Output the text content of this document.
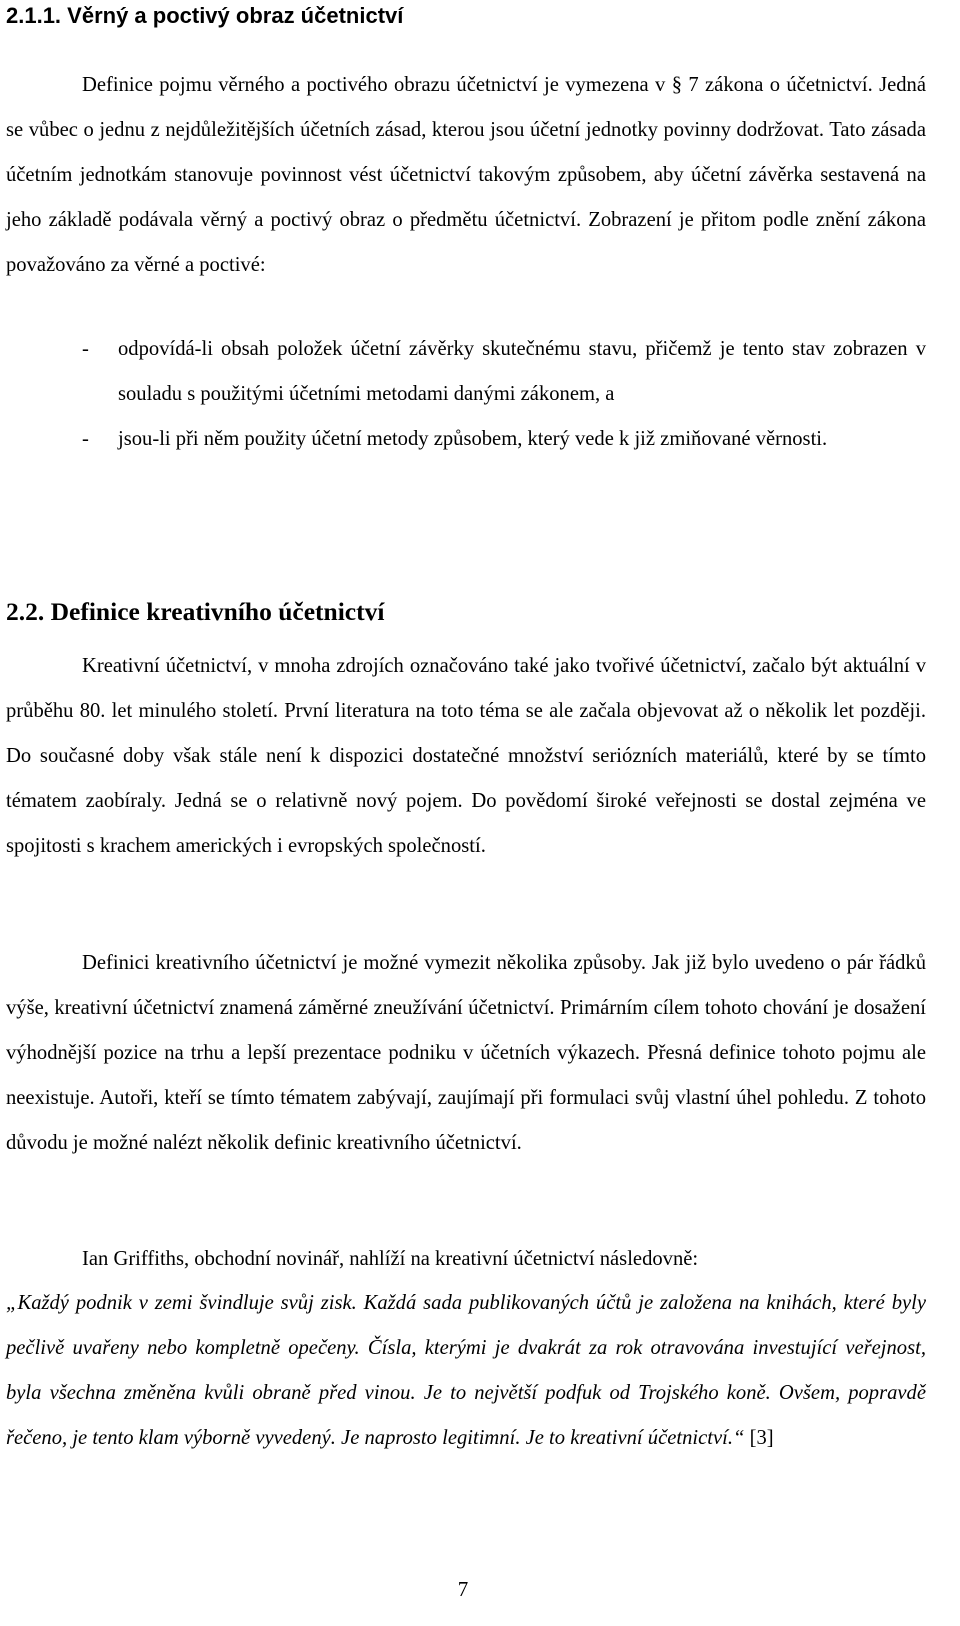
2.1.1. Věrný a poctivý obraz účetnictví

Definice pojmu věrného a poctivého obrazu účetnictví je vymezena v § 7 zákona o účetnictví. Jedná se vůbec o jednu z nejdůležitějších účetních zásad, kterou jsou účetní jednotky povinny dodržovat. Tato zásada účetním jednotkám stanovuje povinnost vést účetnictví takovým způsobem, aby účetní závěrka sestavená na jeho základě podávala věrný a poctivý obraz o předmětu účetnictví. Zobrazení je přitom podle znění zákona považováno za věrné a poctivé:

- odpovídá-li obsah položek účetní závěrky skutečnému stavu, přičemž je tento stav zobrazen v souladu s použitými účetními metodami danými zákonem, a
- jsou-li při něm použity účetní metody způsobem, který vede k již zmiňované věrnosti.
2.2. Definice kreativního účetnictví

Kreativní účetnictví, v mnoha zdrojích označováno také jako tvořivé účetnictví, začalo být aktuální v průběhu 80. let minulého století. První literatura na toto téma se ale začala objevovat až o několik let později. Do současné doby však stále není k dispozici dostatečné množství seriózních materiálů, které by se tímto tématem zaobíraly. Jedná se o relativně nový pojem. Do povědomí široké veřejnosti se dostal zejména ve spojitosti s krachem amerických i evropských společností.

Definici kreativního účetnictví je možné vymezit několika způsoby. Jak již bylo uvedeno o pár řádků výše, kreativní účetnictví znamená záměrné zneužívání účetnictví. Primárním cílem tohoto chování je dosažení výhodnější pozice na trhu a lepší prezentace podniku v účetních výkazech. Přesná definice tohoto pojmu ale neexistuje. Autoři, kteří se tímto tématem zabývají, zaujímají při formulaci svůj vlastní úhel pohledu. Z tohoto důvodu je možné nalézt několik definic kreativního účetnictví.

Ian Griffiths, obchodní novinář, nahlíží na kreativní účetnictví následovně:

„Každý podnik v zemi švindluje svůj zisk. Každá sada publikovaných účtů je založena na knihách, které byly pečlivě uvařeny nebo kompletně opečeny. Čísla, kterými je dvakrát za rok otravována investující veřejnost, byla všechna změněna kvůli obraně před vinou. Je to největší podfuk od Trojského koně. Ovšem, popravdě řečeno, je tento klam výborně vyvedený. Je naprosto legitimní. Je to kreativní účetnictví.“ [3]

7
